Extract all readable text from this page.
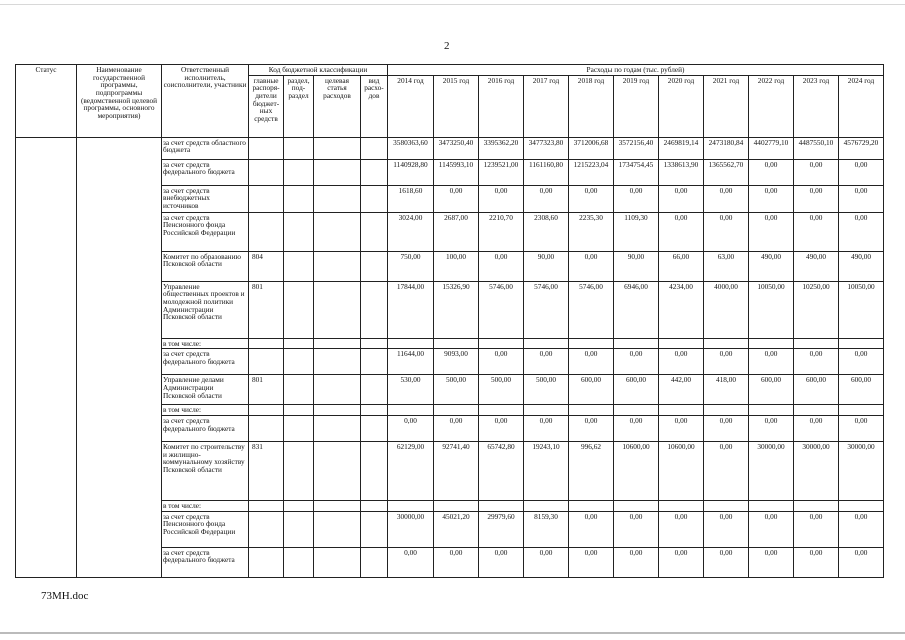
2
Статус	Наименование государственной программы, подпрограммы (ведомственной целевой программы, основного мероприятия)	Ответственный исполнитель, соисполнители, участники	Код бюджетной классификации				Расходы по годам (тыс. рублей)										
			главные распоря-дители бюджет-ных средств	раздел, под-раздел	целевая статья расходов	вид расхо-дов	2014 год	2015 год	2016 год	2017 год	2018 год	2019 год	2020 год	2021 год	2022 год	2023 год	2024 год
		за счет средств областного бюджета					3580363,60	3473250,40	3395362,20	3477323,80	3712006,68	3572156,40	2469819,14	2473180,84	4402779,10	4487550,10	4576729,20
		за счет средств федерального бюджета					1140928,80	1145993,10	1239521,00	1161160,80	1215223,04	1734754,45	1338613,90	1365562,70	0,00	0,00	0,00
		за счет средств внебюджетных источников					1618,60	0,00	0,00	0,00	0,00	0,00	0,00	0,00	0,00	0,00	0,00
		за счет средств Пенсионного фонда Российской Федерации					3024,00	2687,00	2210,70	2308,60	2235,30	1109,30	0,00	0,00	0,00	0,00	0,00
		Комитет по образованию Псковской области	804				750,00	100,00	0,00	90,00	0,00	90,00	66,00	63,00	490,00	490,00	490,00
		Управление общественных проектов и молодежной политики Администрации Псковской области	801				17844,00	15326,90	5746,00	5746,00	5746,00	6946,00	4234,00	4000,00	10050,00	10250,00	10050,00
		в том числе:															
		за счет средств федерального бюджета					11644,00	9093,00	0,00	0,00	0,00	0,00	0,00	0,00	0,00	0,00	0,00
		Управление делами Администрации Псковской области	801				530,00	500,00	500,00	500,00	600,00	600,00	442,00	418,00	600,00	600,00	600,00
		в том числе:															
		за счет средств федерального бюджета					0,00	0,00	0,00	0,00	0,00	0,00	0,00	0,00	0,00	0,00	0,00
		Комитет по строительству и жилищно-коммунальному хозяйству Псковской области	831				62129,00	92741,40	65742,80	19243,10	996,62	10600,00	10600,00	0,00	30000,00	30000,00	30000,00
		в том числе:															
		за счет средств Пенсионного фонда Российской Федерации					30000,00	45021,20	29979,60	8159,30	0,00	0,00	0,00	0,00	0,00	0,00	0,00
		за счет средств федерального бюджета					0,00	0,00	0,00	0,00	0,00	0,00	0,00	0,00	0,00	0,00	0,00
73МН.doc
